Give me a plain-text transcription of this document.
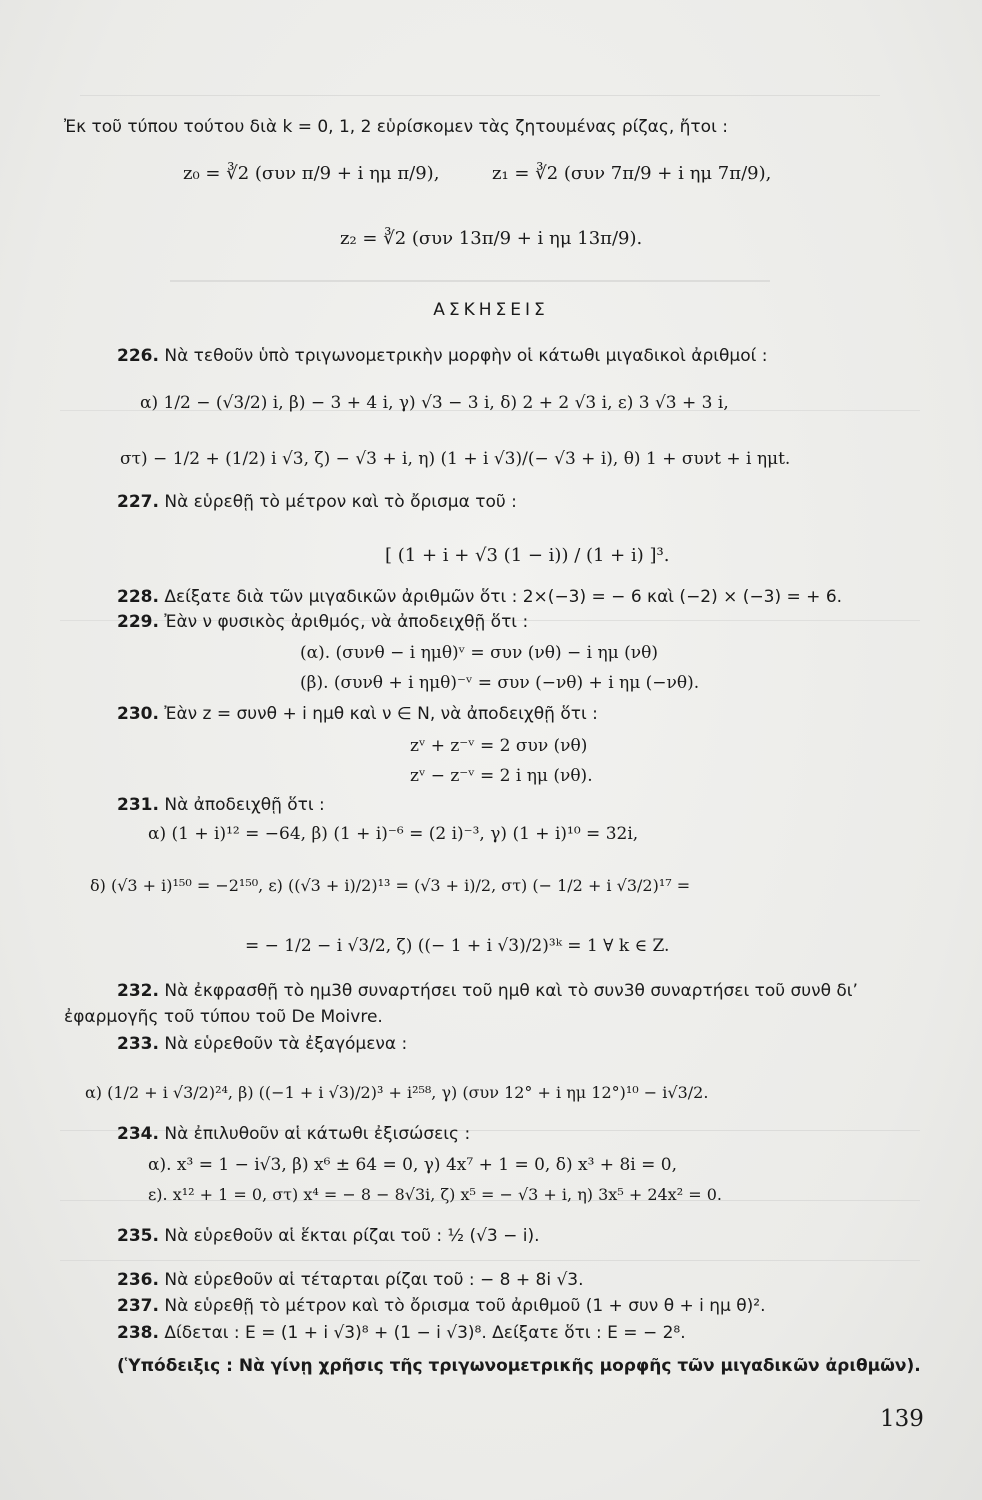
Ἐκ τοῦ τύπου τούτου διὰ k = 0, 1, 2 εὑρίσκομεν τὰς ζητουμένας ρίζας, ἤτοι :
z₀ = ∛2 (συν π/9 + i ημ π/9),	z₁ = ∛2 (συν 7π/9 + i ημ 7π/9),
z₂ = ∛2 (συν 13π/9 + i ημ 13π/9).
ΑΣΚΗΣΕΙΣ
226. Νὰ τεθοῦν ὑπὸ τριγωνομετρικὴν μορφὴν οἱ κάτωθι μιγαδικοὶ ἀριθμοί :
α) 1/2 − (√3/2) i, β) − 3 + 4 i, γ) √3 − 3 i, δ) 2 + 2 √3 i, ε) 3 √3 + 3 i,
στ) − 1/2 + (1/2) i √3, ζ) − √3 + i, η) (1 + i √3)/(− √3 + i), θ) 1 + συνt + i ημt.
227. Νὰ εὑρεθῇ τὸ μέτρον καὶ τὸ ὄρισμα τοῦ :
[ (1 + i + √3 (1 − i)) / (1 + i) ]³.
228. Δείξατε διὰ τῶν μιγαδικῶν ἀριθμῶν ὅτι : 2×(−3) = − 6 καὶ (−2) × (−3) = + 6.
229. Ἐὰν ν φυσικὸς ἀριθμός, νὰ ἀποδειχθῇ ὅτι :
(α). (συνθ − i ημθ)ᵛ = συν (νθ) − i ημ (νθ)
(β). (συνθ + i ημθ)⁻ᵛ = συν (−νθ) + i ημ (−νθ).
230. Ἐὰν z = συνθ + i ημθ καὶ ν ∈ N, νὰ ἀποδειχθῇ ὅτι :
zᵛ + z⁻ᵛ = 2 συν (νθ)
zᵛ − z⁻ᵛ = 2 i ημ (νθ).
231. Νὰ ἀποδειχθῇ ὅτι :
α) (1 + i)¹² = −64, β) (1 + i)⁻⁶ = (2 i)⁻³, γ) (1 + i)¹⁰ = 32i,
δ) (√3 + i)¹⁵⁰ = −2¹⁵⁰, ε) ((√3 + i)/2)¹³ = (√3 + i)/2, στ) (− 1/2 + i √3/2)¹⁷ =
= − 1/2 − i √3/2, ζ) ((− 1 + i √3)/2)³ᵏ = 1 ∀ k ∈ Z.
232. Νὰ ἐκφρασθῇ τὸ ημ3θ συναρτήσει τοῦ ημθ καὶ τὸ συν3θ συναρτήσει τοῦ συνθ δι’
ἐφαρμογῆς τοῦ τύπου τοῦ De Moivre.
233. Νὰ εὑρεθοῦν τὰ ἐξαγόμενα :
α) (1/2 + i √3/2)²⁴, β) ((−1 + i √3)/2)³ + i²⁵⁸, γ) (συν 12° + i ημ 12°)¹⁰ − i√3/2.
234. Νὰ ἐπιλυθοῦν αἱ κάτωθι ἐξισώσεις :
α). x³ = 1 − i√3, β) x⁶ ± 64 = 0, γ) 4x⁷ + 1 = 0, δ) x³ + 8i = 0,
ε). x¹² + 1 = 0, στ) x⁴ = − 8 − 8√3i, ζ) x⁵ = − √3 + i, η) 3x⁵ + 24x² = 0.
235. Νὰ εὑρεθοῦν αἱ ἕκται ρίζαι τοῦ : ½ (√3 − i).
236. Νὰ εὑρεθοῦν αἱ τέταρται ρίζαι τοῦ : − 8 + 8i √3.
237. Νὰ εὑρεθῇ τὸ μέτρον καὶ τὸ ὄρισμα τοῦ ἀριθμοῦ (1 + συν θ + i ημ θ)².
238. Δίδεται : E = (1 + i √3)⁸ + (1 − i √3)⁸. Δείξατε ὅτι : E = − 2⁸.
(Ὑπόδειξις : Νὰ γίνῃ χρῆσις τῆς τριγωνομετρικῆς μορφῆς τῶν μιγαδικῶν ἀριθμῶν).
139
